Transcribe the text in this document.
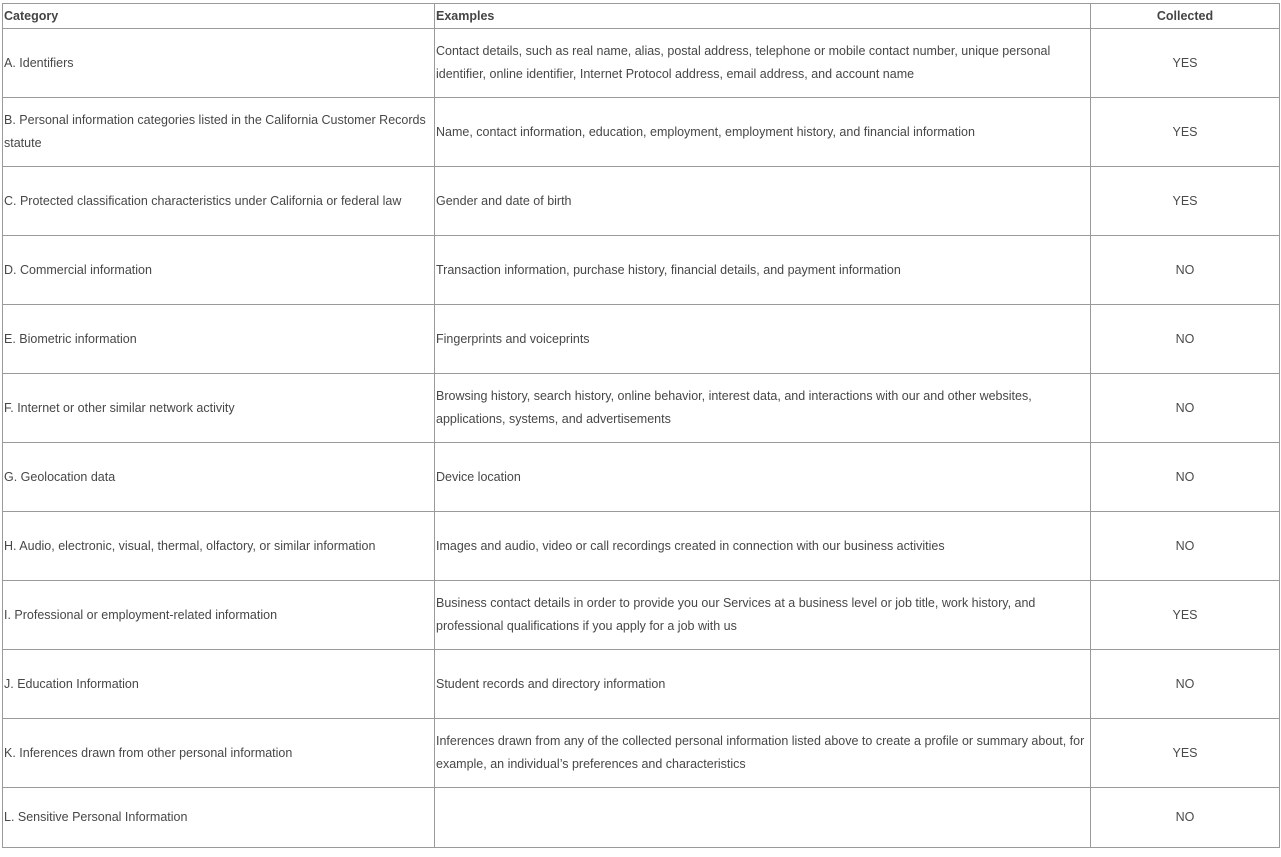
Category	Examples	Collected
A. Identifiers	Contact details, such as real name, alias, postal address, telephone or mobile contact number, unique personal identifier, online identifier, Internet Protocol address, email address, and account name	YES
B. Personal information categories listed in the California Customer Records statute	Name, contact information, education, employment, employment history, and financial information	YES
C. Protected classification characteristics under California or federal law	Gender and date of birth	YES
D. Commercial information	Transaction information, purchase history, financial details, and payment information	NO
E. Biometric information	Fingerprints and voiceprints	NO
F. Internet or other similar network activity	Browsing history, search history, online behavior, interest data, and interactions with our and other websites, applications, systems, and advertisements	NO
G. Geolocation data	Device location	NO
H. Audio, electronic, visual, thermal, olfactory, or similar information	Images and audio, video or call recordings created in connection with our business activities	NO
I. Professional or employment-related information	Business contact details in order to provide you our Services at a business level or job title, work history, and professional qualifications if you apply for a job with us	YES
J. Education Information	Student records and directory information	NO
K. Inferences drawn from other personal information	Inferences drawn from any of the collected personal information listed above to create a profile or summary about, for example, an individual’s preferences and characteristics	YES
L. Sensitive Personal Information		NO
